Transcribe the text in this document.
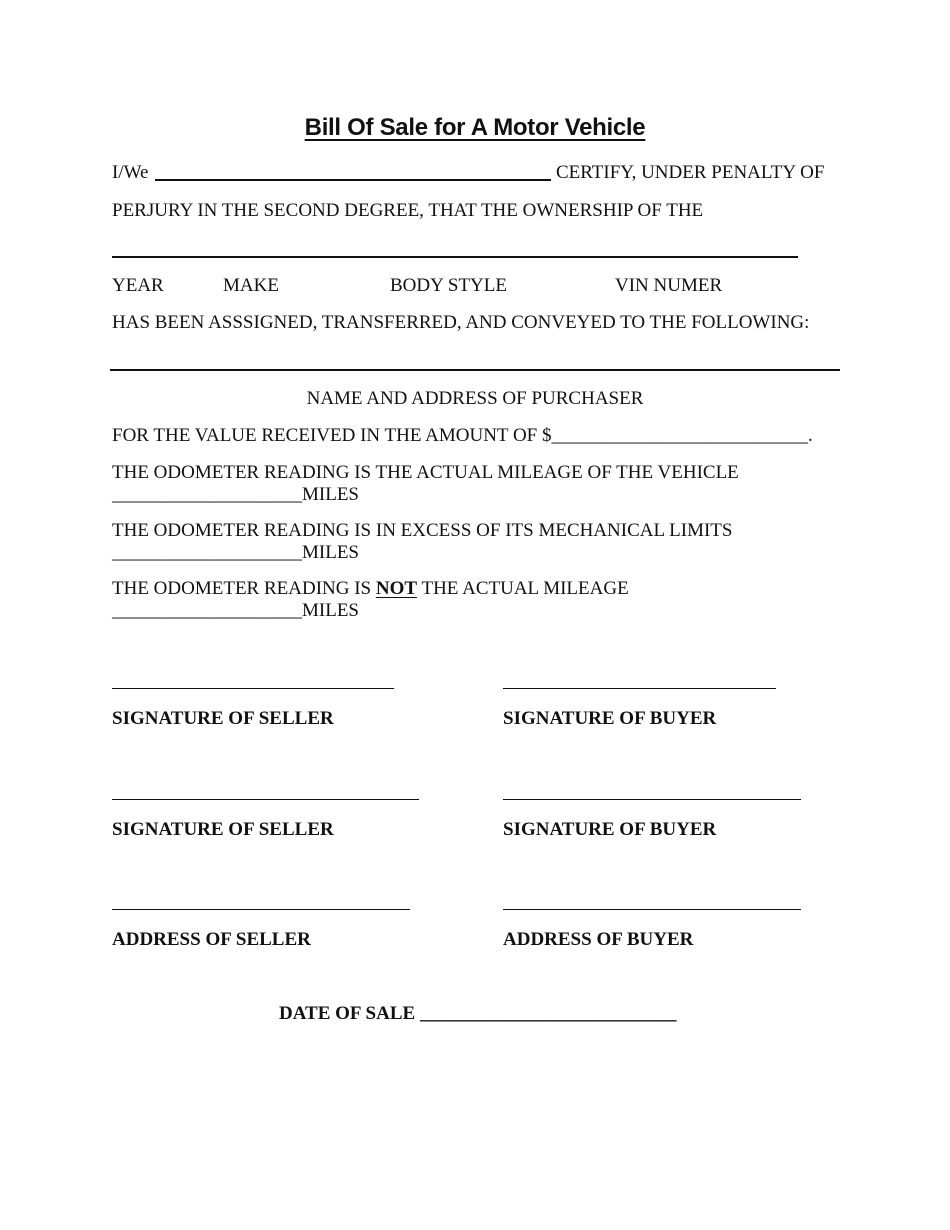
Bill Of Sale for A Motor Vehicle
I/We	CERTIFY, UNDER PENALTY OF
PERJURY IN THE SECOND DEGREE, THAT THE OWNERSHIP OF THE
YEAR	MAKE	BODY STYLE	VIN NUMER
HAS BEEN ASSSIGNED, TRANSFERRED, AND CONVEYED TO THE FOLLOWING:
NAME AND ADDRESS OF PURCHASER
FOR THE VALUE RECEIVED IN THE AMOUNT OF $___________________________.
THE ODOMETER READING IS THE ACTUAL MILEAGE OF THE VEHICLE
____________________MILES
THE ODOMETER READING IS IN EXCESS OF ITS MECHANICAL LIMITS
____________________MILES
THE ODOMETER READING IS NOT THE ACTUAL MILEAGE
____________________MILES
SIGNATURE OF SELLER	SIGNATURE OF BUYER
SIGNATURE OF SELLER	SIGNATURE OF BUYER
ADDRESS OF SELLER	ADDRESS OF BUYER
DATE OF SALE ___________________________
